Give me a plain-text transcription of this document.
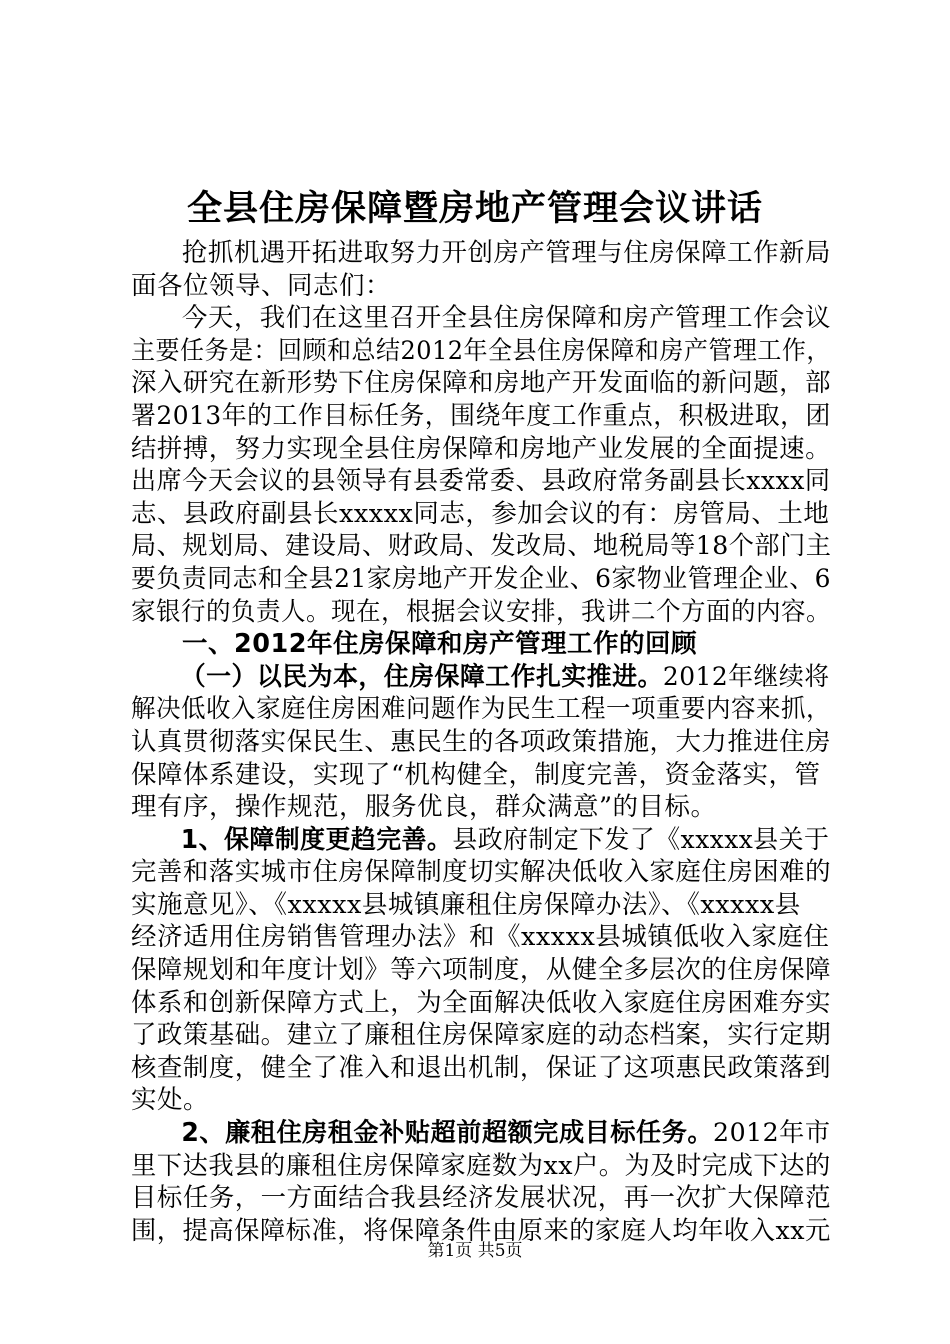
全县住房保障暨房地产管理会议讲话
抢抓机遇开拓进取努力开创房产管理与住房保障工作新局
面各位领导、同志们：
今天，我们在这里召开全县住房保障和房产管理工作会议
主要任务是：回顾和总结2012年全县住房保障和房产管理工作，
深入研究在新形势下住房保障和房地产开发面临的新问题，部
署2013年的工作目标任务，围绕年度工作重点，积极进取，团
结拼搏，努力实现全县住房保障和房地产业发展的全面提速。
出席今天会议的县领导有县委常委、县政府常务副县长xxxx同
志、县政府副县长xxxxx同志，参加会议的有：房管局、土地
局、规划局、建设局、财政局、发改局、地税局等18个部门主
要负责同志和全县21家房地产开发企业、6家物业管理企业、6
家银行的负责人。现在，根据会议安排，我讲二个方面的内容。
一、2012年住房保障和房产管理工作的回顾
（一）以民为本，住房保障工作扎实推进。2012年继续将
解决低收入家庭住房困难问题作为民生工程一项重要内容来抓，
认真贯彻落实保民生、惠民生的各项政策措施，大力推进住房
保障体系建设，实现了“机构健全，制度完善，资金落实，管
理有序，操作规范，服务优良，群众满意”的目标。
1、保障制度更趋完善。县政府制定下发了《xxxxx县关于
完善和落实城市住房保障制度切实解决低收入家庭住房困难的
实施意见》、《xxxxx县城镇廉租住房保障办法》、《xxxxx县
经济适用住房销售管理办法》和《xxxxx县城镇低收入家庭住
保障规划和年度计划》等六项制度，从健全多层次的住房保障
体系和创新保障方式上，为全面解决低收入家庭住房困难夯实
了政策基础。建立了廉租住房保障家庭的动态档案，实行定期
核查制度，健全了准入和退出机制，保证了这项惠民政策落到
实处。
2、廉租住房租金补贴超前超额完成目标任务。2012年市
里下达我县的廉租住房保障家庭数为xx户。为及时完成下达的
目标任务，一方面结合我县经济发展状况，再一次扩大保障范
围，提高保障标准，将保障条件由原来的家庭人均年收入xx元
第1页 共5页
